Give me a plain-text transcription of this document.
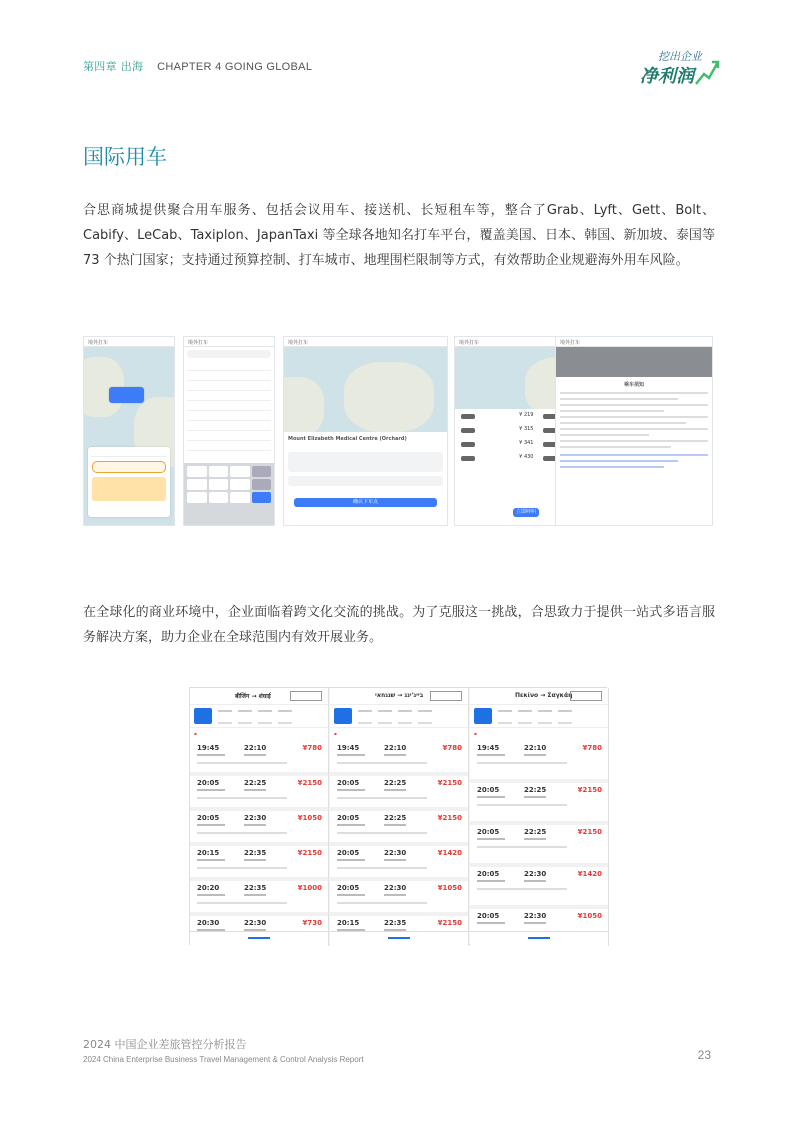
第四章 出海 CHAPTER 4 GOING GLOBAL
挖出企业
净利润
国际用车

合思商城提供聚合用车服务、包括会议用车、接送机、长短租车等，整合了Grab、Lyft、Gett、Bolt、Cabify、LeCab、Taxiplon、JapanTaxi 等全球各地知名打车平台，覆盖美国、日本、韩国、新加坡、泰国等 73 个热门国家；支持通过预算控制、打车城市、地理围栏限制等方式，有效帮助企业规避海外用车风险。

境外打车	境外打车	境外打车
Mount Elizabeth Medical Centre (Orchard)
确认下车点
境外打车
¥ 219
¥ 315
¥ 341
¥ 430
立即呼叫
境外打车
乘车须知

在全球化的商业环境中，企业面临着跨文化交流的挑战。为了克服这一挑战，合思致力于提供一站式多语言服务解决方案，助力企业在全球范围内有效开展业务。

बीजिंग → शंघाई
▪
19:45	22:10	¥780
20:05	22:25	¥2150
20:05	22:30	¥1050
20:15	22:35	¥2150
20:20	22:35	¥1000
20:30	22:30	¥730
בייג'ינג → שנגחאי
▪
19:45	22:10	¥780
20:05	22:25	¥2150
20:05	22:25	¥2150
20:05	22:30	¥1420
20:05	22:30	¥1050
20:15	22:35	¥2150
Πεκίνο → Σαγκάη
▪
19:45	22:10	¥780
20:05	22:25	¥2150
20:05	22:25	¥2150
20:05	22:30	¥1420
20:05	22:30	¥1050
2024 中国企业差旅管控分析报告
2024 China Enterprise Business Travel Management & Control Analysis Report	23
